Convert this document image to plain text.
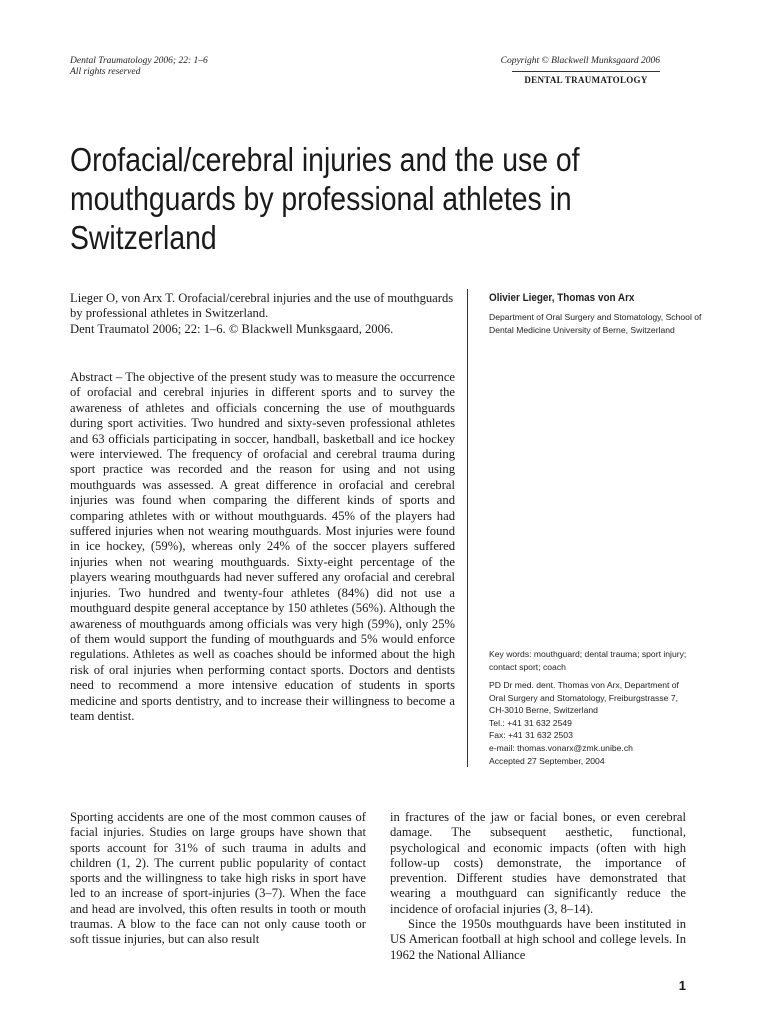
Dental Traumatology 2006; 22: 1–6
All rights reserved
Copyright © Blackwell Munksgaard 2006
DENTAL TRAUMATOLOGY
Orofacial/cerebral injuries and the use of mouthguards by professional athletes in Switzerland
Lieger O, von Arx T. Orofacial/cerebral injuries and the use of mouthguards by professional athletes in Switzerland.
Dent Traumatol 2006; 22: 1–6. © Blackwell Munksgaard, 2006.
Abstract – The objective of the present study was to measure the occurrence of orofacial and cerebral injuries in different sports and to survey the awareness of athletes and officials concerning the use of mouthguards during sport activities. Two hundred and sixty-seven professional athletes and 63 officials participating in soccer, handball, basketball and ice hockey were interviewed. The frequency of orofacial and cerebral trauma during sport practice was recorded and the reason for using and not using mouthguards was assessed. A great difference in orofacial and cerebral injuries was found when comparing the different kinds of sports and comparing athletes with or without mouthguards. 45% of the players had suffered injuries when not wearing mouthguards. Most injuries were found in ice hockey, (59%), whereas only 24% of the soccer players suffered injuries when not wearing mouthguards. Sixty-eight percentage of the players wearing mouthguards had never suffered any orofacial and cerebral injuries. Two hundred and twenty-four athletes (84%) did not use a mouthguard despite general acceptance by 150 athletes (56%). Although the awareness of mouthguards among officials was very high (59%), only 25% of them would support the funding of mouthguards and 5% would enforce regulations. Athletes as well as coaches should be informed about the high risk of oral injuries when performing contact sports. Doctors and dentists need to recommend a more intensive education of students in sports medicine and sports dentistry, and to increase their willingness to become a team dentist.
Olivier Lieger, Thomas von Arx
Department of Oral Surgery and Stomatology, School of Dental Medicine University of Berne, Switzerland
Key words: mouthguard; dental trauma; sport injury; contact sport; coach
PD Dr med. dent. Thomas von Arx, Department of
Oral Surgery and Stomatology, Freiburgstrasse 7,
CH-3010 Berne, Switzerland
Tel.: +41 31 632 2549
Fax: +41 31 632 2503
e-mail: thomas.vonarx@zmk.unibe.ch
Accepted 27 September, 2004
Sporting accidents are one of the most common causes of facial injuries. Studies on large groups have shown that sports account for 31% of such trauma in adults and children (1, 2). The current public popularity of contact sports and the willingness to take high risks in sport have led to an increase of sport-injuries (3–7). When the face and head are involved, this often results in tooth or mouth traumas. A blow to the face can not only cause tooth or soft tissue injuries, but can also result
in fractures of the jaw or facial bones, or even cerebral damage. The subsequent aesthetic, functional, psychological and economic impacts (often with high follow-up costs) demonstrate, the importance of prevention. Different studies have demonstrated that wearing a mouthguard can significantly reduce the incidence of orofacial injuries (3, 8–14).
Since the 1950s mouthguards have been instituted in US American football at high school and college levels. In 1962 the National Alliance
1
